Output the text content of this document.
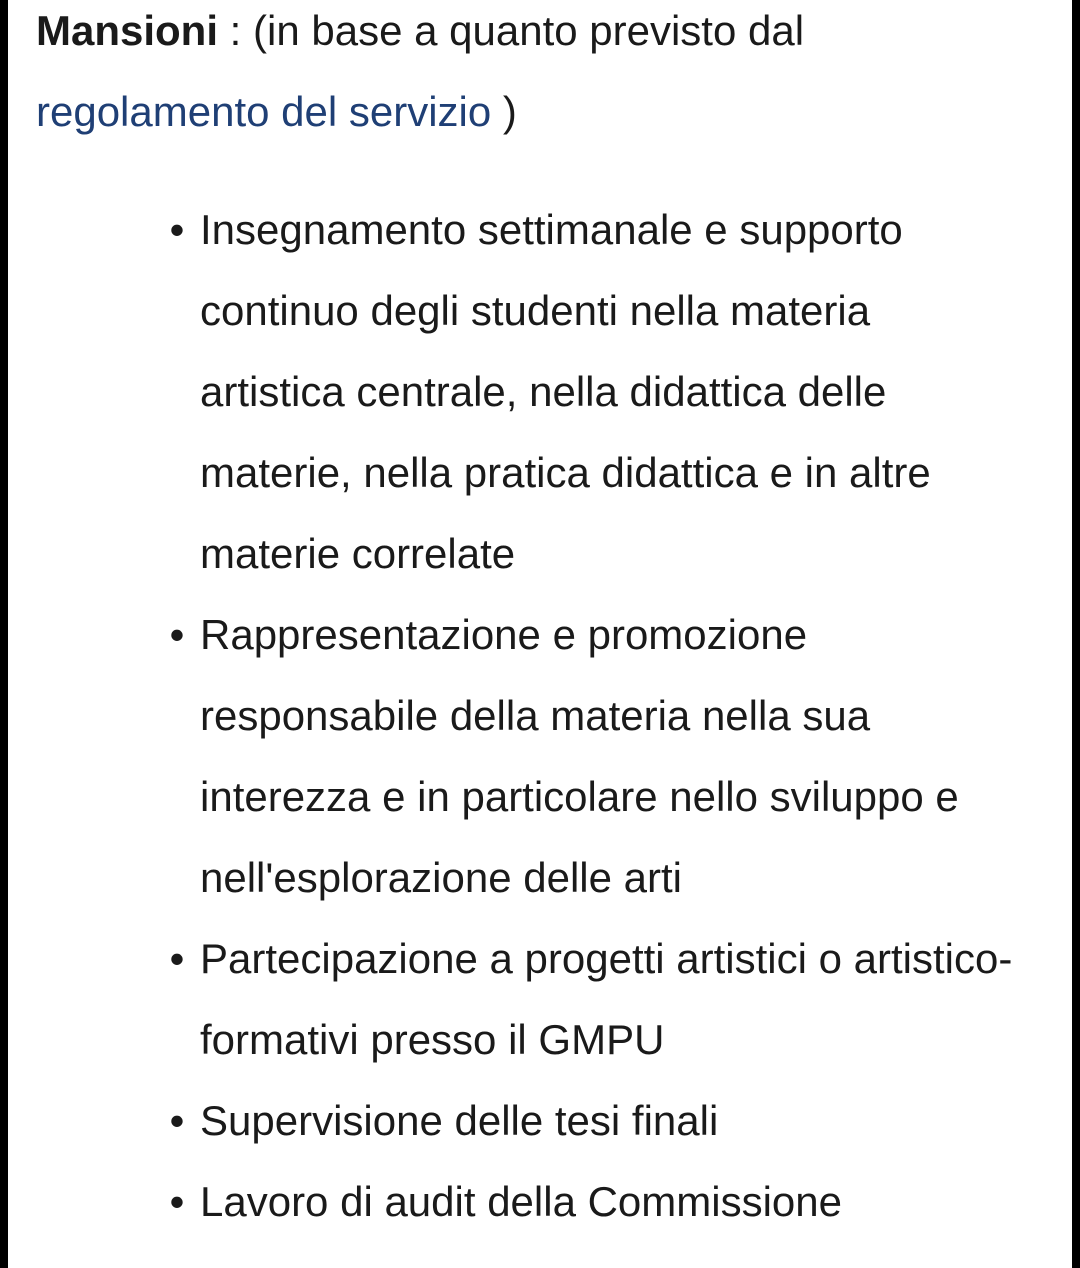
Mansioni : (in base a quanto previsto dal regolamento del servizio )

• Insegnamento settimanale e supporto continuo degli studenti nella materia artistica centrale, nella didattica delle materie, nella pratica didattica e in altre materie correlate
• Rappresentazione e promozione responsabile della materia nella sua interezza e in particolare nello sviluppo e nell'esplorazione delle arti
• Partecipazione a progetti artistici o artistico-formativi presso il GMPU
• Supervisione delle tesi finali
• Lavoro di audit della Commissione
